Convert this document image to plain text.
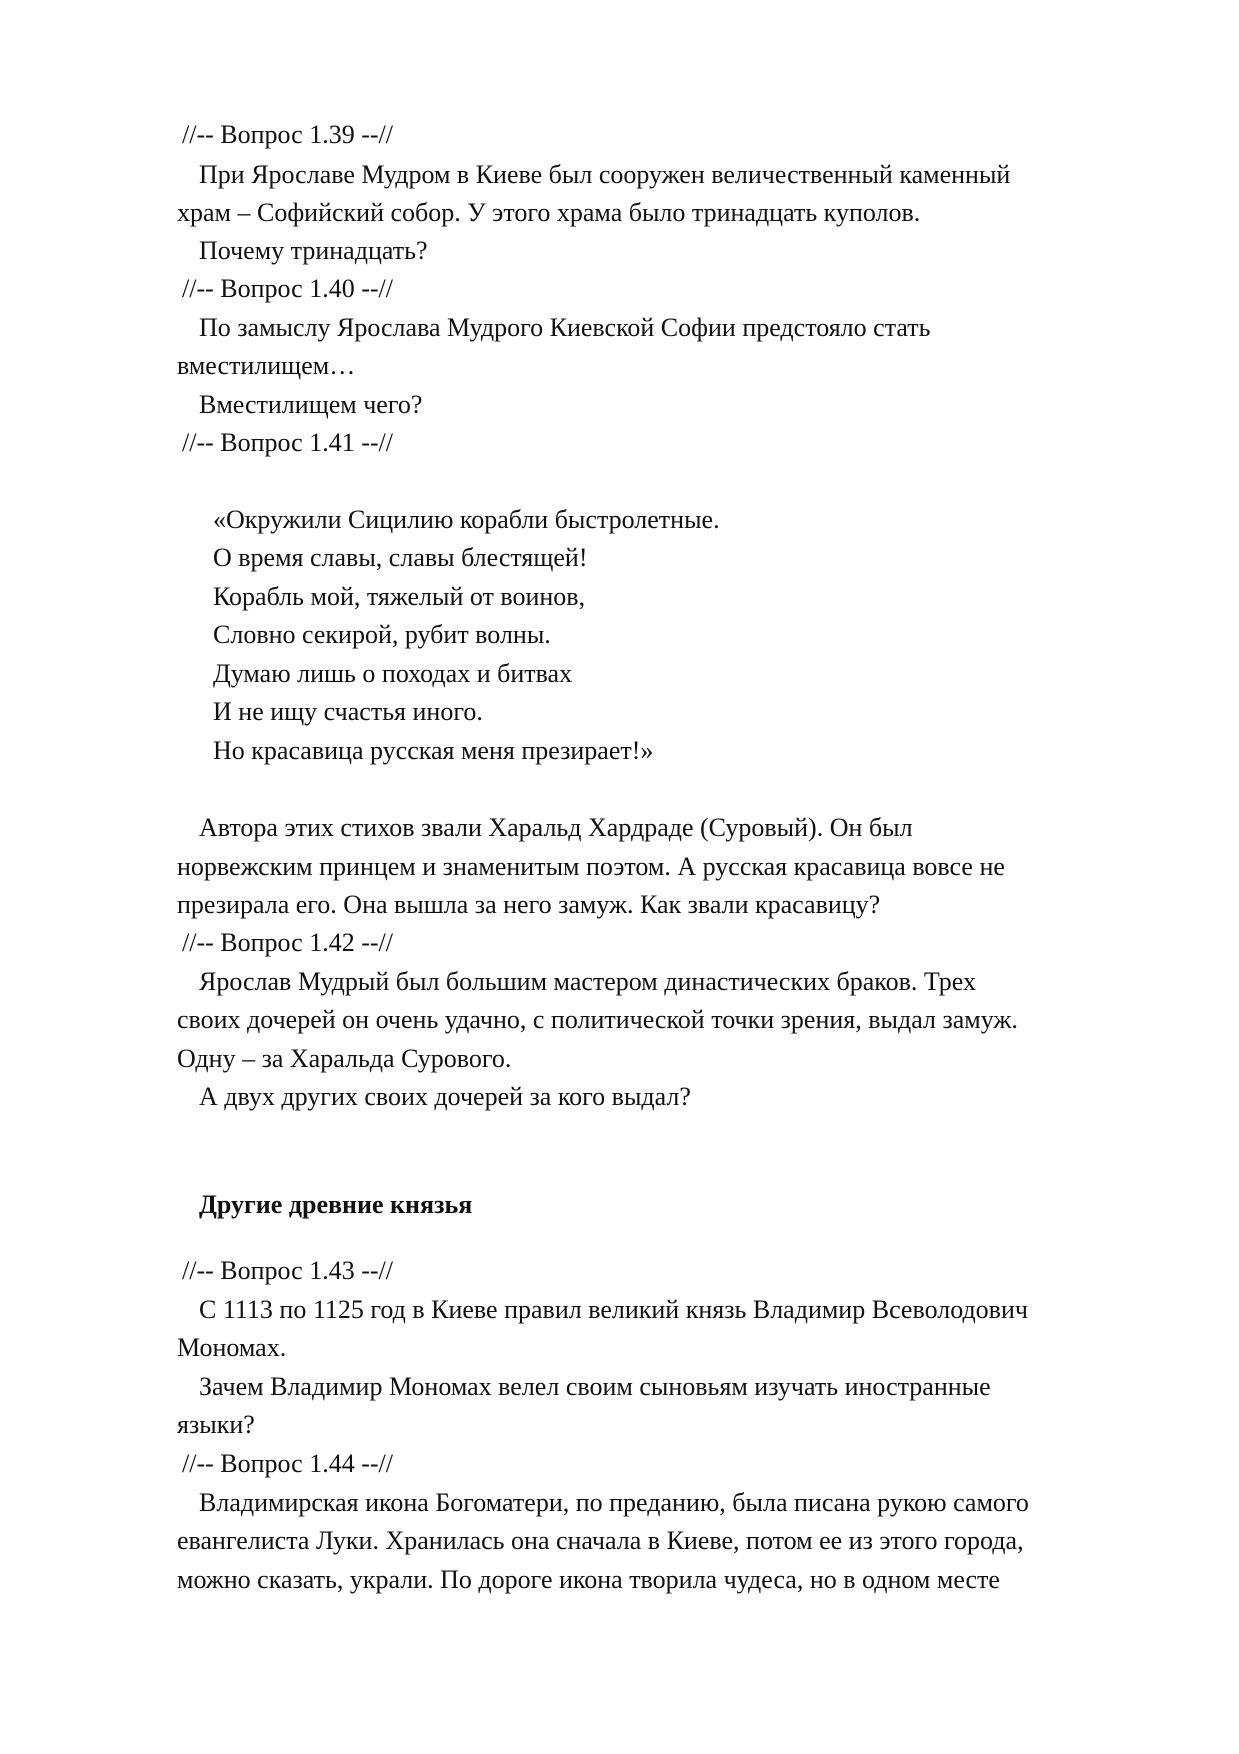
//-- Вопрос 1.39 --//
При Ярославе Мудром в Киеве был сооружен величественный каменный
храм – Софийский собор. У этого храма было тринадцать куполов.
Почему тринадцать?
//-- Вопрос 1.40 --//
По замыслу Ярослава Мудрого Киевской Софии предстояло стать
вместилищем…
Вместилищем чего?
//-- Вопрос 1.41 --//
«Окружили Сицилию корабли быстролетные.
О время славы, славы блестящей!
Корабль мой, тяжелый от воинов,
Словно секирой, рубит волны.
Думаю лишь о походах и битвах
И не ищу счастья иного.
Но красавица русская меня презирает!»
Автора этих стихов звали Харальд Хардраде (Суровый). Он был
норвежским принцем и знаменитым поэтом. А русская красавица вовсе не
презирала его. Она вышла за него замуж. Как звали красавицу?
//-- Вопрос 1.42 --//
Ярослав Мудрый был большим мастером династических браков. Трех
своих дочерей он очень удачно, с политической точки зрения, выдал замуж.
Одну – за Харальда Сурового.
А двух других своих дочерей за кого выдал?
Другие древние князья
//-- Вопрос 1.43 --//
С 1113 по 1125 год в Киеве правил великий князь Владимир Всеволодович
Мономах.
Зачем Владимир Мономах велел своим сыновьям изучать иностранные
языки?
//-- Вопрос 1.44 --//
Владимирская икона Богоматери, по преданию, была писана рукою самого
евангелиста Луки. Хранилась она сначала в Киеве, потом ее из этого города,
можно сказать, украли. По дороге икона творила чудеса, но в одном месте
